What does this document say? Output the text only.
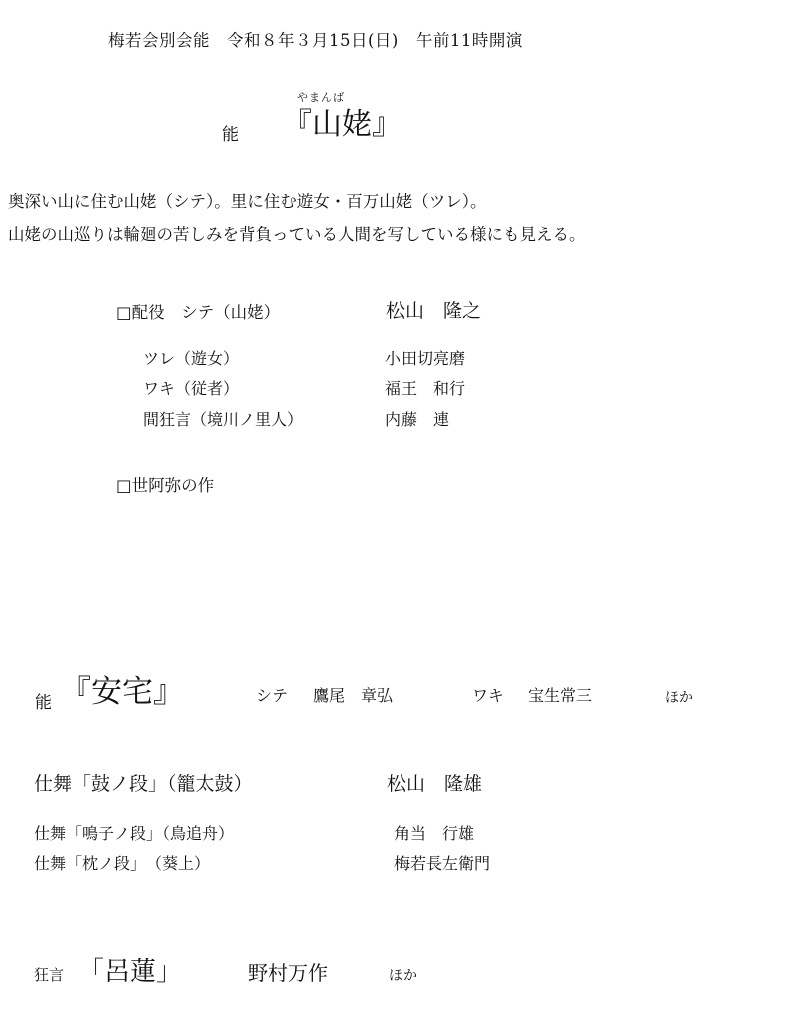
梅若会別会能　令和８年３月15日(日)　午前11時開演
やまんば
能 『山姥』
奥深い山に住む山姥（シテ）。里に住む遊女・百万山姥（ツレ）。
山姥の山巡りは輪廻の苦しみを背負っている人間を写している様にも見える。
□配役　シテ（山姥）	松山　隆之
ツレ（遊女）	小田切亮磨
ワキ（従者）	福王　和行
間狂言（境川ノ里人）	内藤　連
□世阿弥の作
能 『安宅』	シテ 鷹尾　章弘	ワキ 宝生常三	ほか
仕舞「鼓ノ段」（籠太鼓）	松山　隆雄
仕舞「鳴子ノ段」（鳥追舟）	角当　行雄
仕舞「枕ノ段」　（葵上）	梅若長左衛門
狂言 「呂蓮」	野村万作	ほか
